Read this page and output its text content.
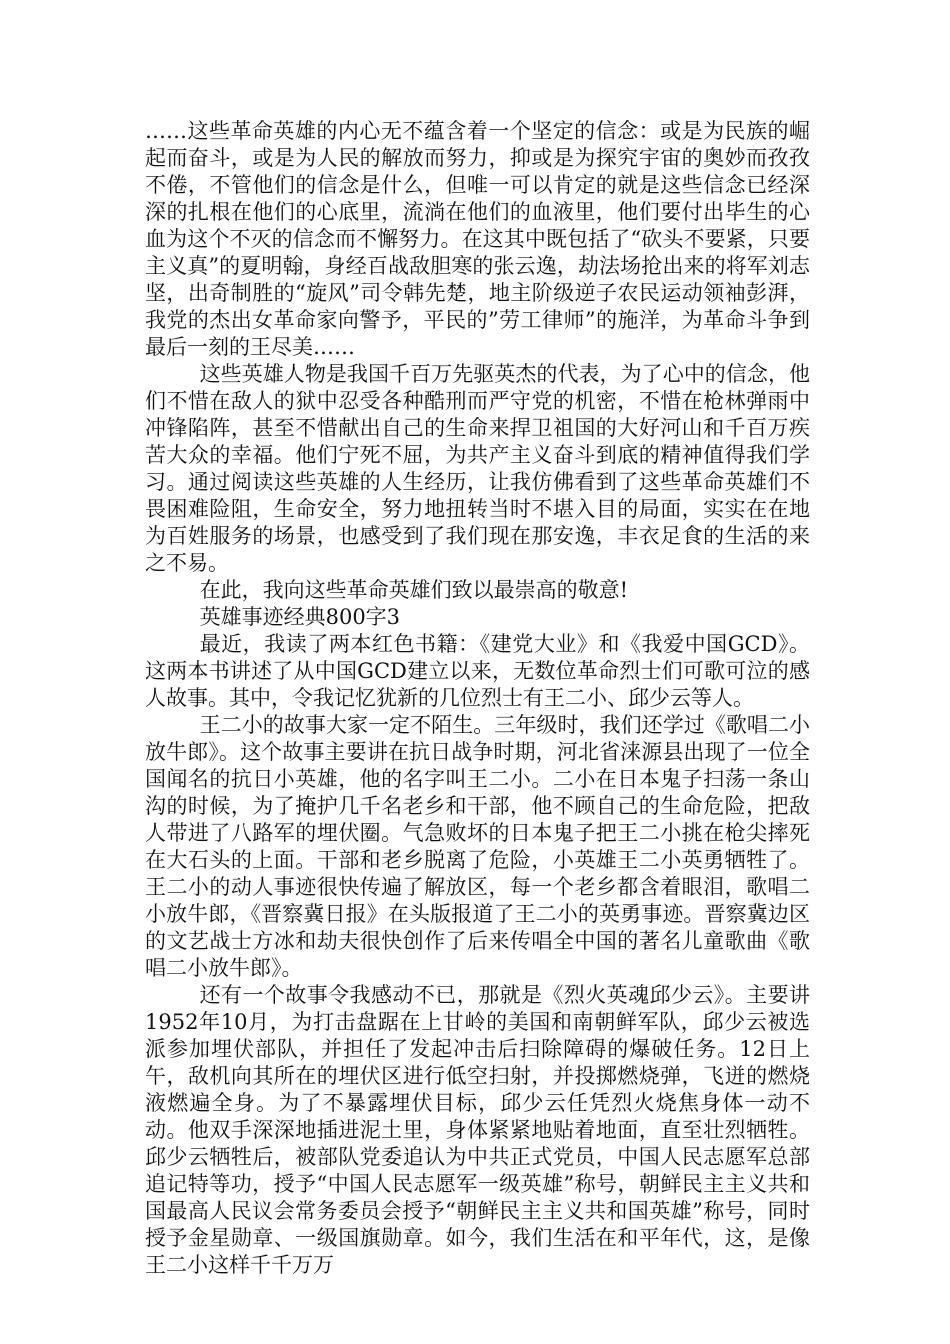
……这些革命英雄的内心无不蕴含着一个坚定的信念：或是为民族的崛起而奋斗，或是为人民的解放而努力，抑或是为探究宇宙的奥妙而孜孜不倦，不管他们的信念是什么，但唯一可以肯定的就是这些信念已经深深的扎根在他们的心底里，流淌在他们的血液里，他们要付出毕生的心血为这个不灭的信念而不懈努力。在这其中既包括了“砍头不要紧，只要主义真”的夏明翰，身经百战敌胆寒的张云逸，劫法场抢出来的将军刘志坚，出奇制胜的“旋风”司令韩先楚，地主阶级逆子农民运动领袖彭湃，我党的杰出女革命家向警予，平民的”劳工律师”的施洋，为革命斗争到最后一刻的王尽美……

这些英雄人物是我国千百万先驱英杰的代表，为了心中的信念，他们不惜在敌人的狱中忍受各种酷刑而严守党的机密，不惜在枪林弹雨中冲锋陷阵，甚至不惜献出自己的生命来捍卫祖国的大好河山和千百万疾苦大众的幸福。他们宁死不屈，为共产主义奋斗到底的精神值得我们学习。通过阅读这些英雄的人生经历，让我仿佛看到了这些革命英雄们不畏困难险阻，生命安全，努力地扭转当时不堪入目的局面，实实在在地为百姓服务的场景，也感受到了我们现在那安逸，丰衣足食的生活的来之不易。

在此，我向这些革命英雄们致以最崇高的敬意!

英雄事迹经典800字3

最近，我读了两本红色书籍：《建党大业》和《我爱中国GCD》。这两本书讲述了从中国GCD建立以来，无数位革命烈士们可歌可泣的感人故事。其中，令我记忆犹新的几位烈士有王二小、邱少云等人。

王二小的故事大家一定不陌生。三年级时，我们还学过《歌唱二小放牛郎》。这个故事主要讲在抗日战争时期，河北省涞源县出现了一位全国闻名的抗日小英雄，他的名字叫王二小。二小在日本鬼子扫荡一条山沟的时候，为了掩护几千名老乡和干部，他不顾自己的生命危险，把敌人带进了八路军的埋伏圈。气急败坏的日本鬼子把王二小挑在枪尖摔死在大石头的上面。干部和老乡脱离了危险，小英雄王二小英勇牺牲了。王二小的动人事迹很快传遍了解放区，每一个老乡都含着眼泪，歌唱二小放牛郎，《晋察冀日报》在头版报道了王二小的英勇事迹。晋察冀边区的文艺战士方冰和劫夫很快创作了后来传唱全中国的著名儿童歌曲《歌唱二小放牛郎》。

还有一个故事令我感动不已，那就是《烈火英魂邱少云》。主要讲1952年10月，为打击盘踞在上甘岭的美国和南朝鲜军队，邱少云被选派参加埋伏部队，并担任了发起冲击后扫除障碍的爆破任务。12日上午，敌机向其所在的埋伏区进行低空扫射，并投掷燃烧弹，飞迸的燃烧液燃遍全身。为了不暴露埋伏目标，邱少云任凭烈火烧焦身体一动不动。他双手深深地插进泥土里，身体紧紧地贴着地面，直至壮烈牺牲。邱少云牺牲后，被部队党委追认为中共正式党员，中国人民志愿军总部追记特等功，授予“中国人民志愿军一级英雄”称号，朝鲜民主主义共和国最高人民议会常务委员会授予“朝鲜民主主义共和国英雄”称号，同时授予金星勋章、一级国旗勋章。如今，我们生活在和平年代，这，是像王二小这样千千万万
